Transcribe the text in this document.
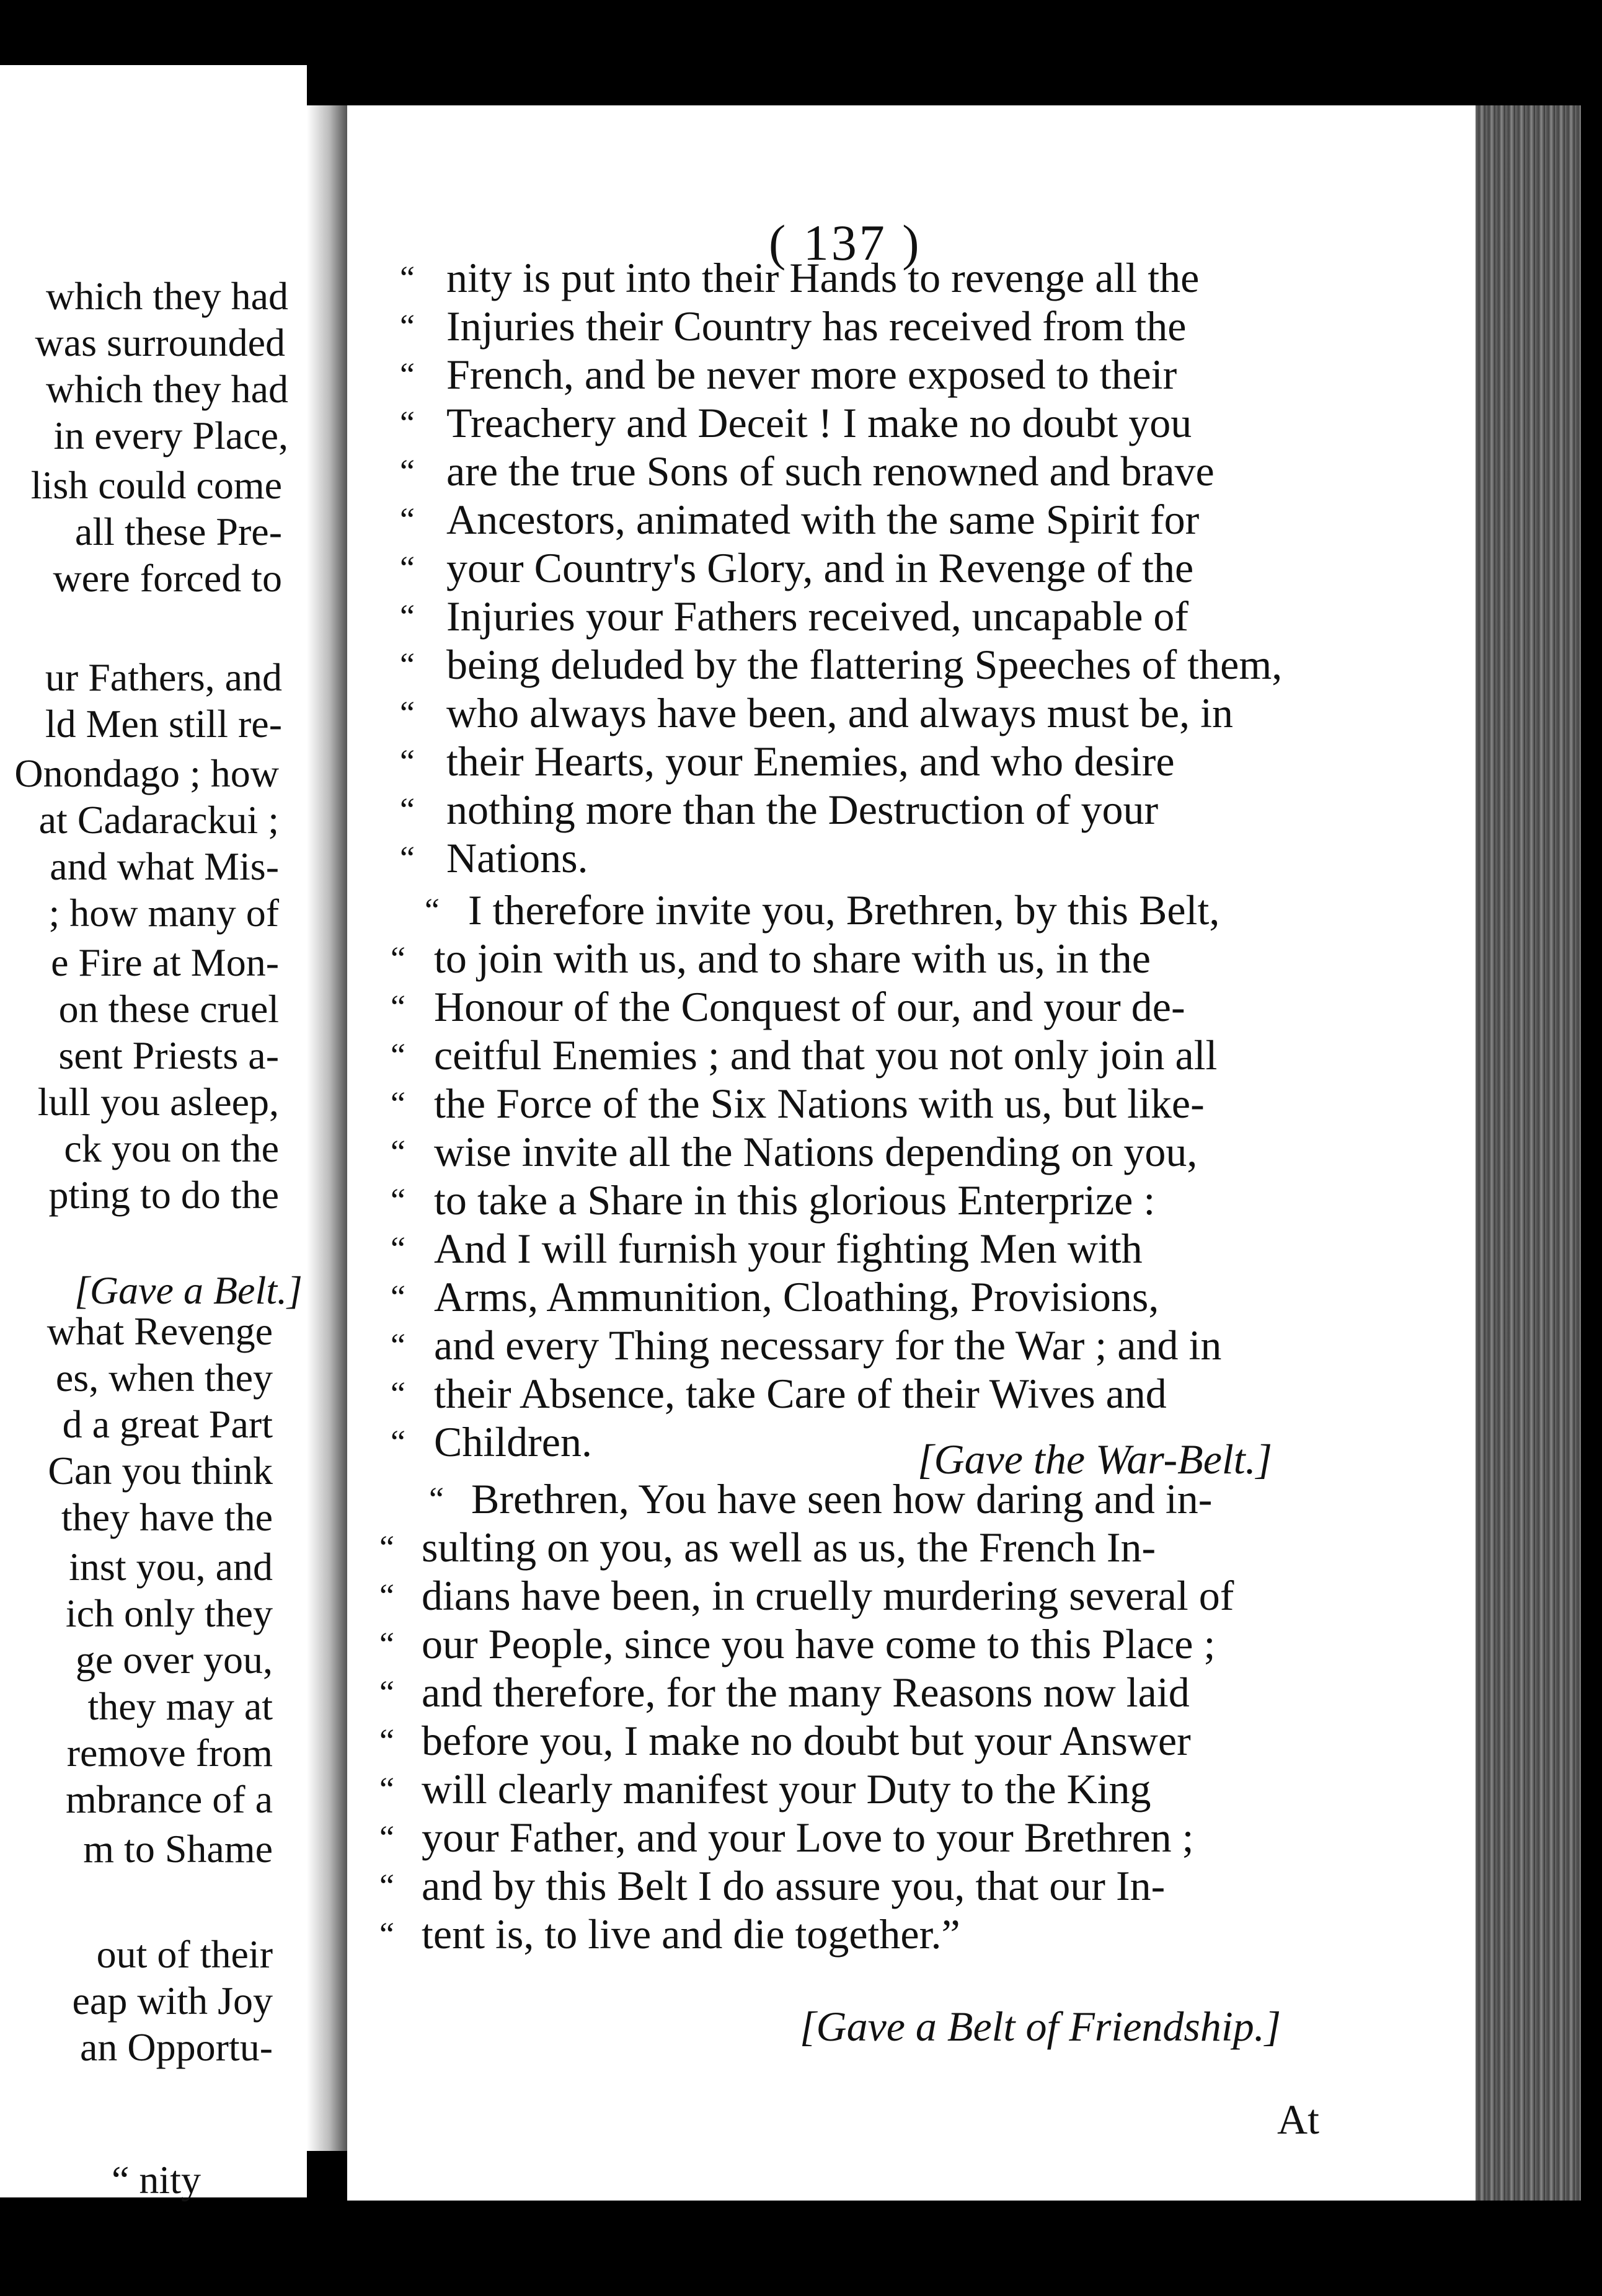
which they had
was surrounded
which they had
in every Place,
lish could come
all these Pre-
were forced to
ur Fathers, and
ld Men still re-
Onondago ; how
at Cadarackui ;
and what Mis-
; how many of
e Fire at Mon-
on these cruel
sent Priests a-
lull you asleep,
ck you on the
pting to do the
what Revenge
es, when they
d a great Part
Can you think
they have the
inst you, and
ich only they
ge over you,
they may at
remove from
mbrance of a
m to Shame
out of their
eap with Joy
an Opportu-
[Gave a Belt.]
“ nity
( 137 )
“ nity is put into their Hands to revenge all the
“ Injuries their Country has received from the
“ French, and be never more exposed to their
“ Treachery and Deceit ! I make no doubt you
“ are the true Sons of such renowned and brave
“ Ancestors, animated with the same Spirit for
“ your Country's Glory, and in Revenge of the
“ Injuries your Fathers received, uncapable of
“ being deluded by the flattering Speeches of them,
“ who always have been, and always must be, in
“ their Hearts, your Enemies, and who desire
“ nothing more than the Destruction of your
“ Nations.
“ I therefore invite you, Brethren, by this Belt,
“ to join with us, and to share with us, in the
“ Honour of the Conquest of our, and your de-
“ ceitful Enemies ; and that you not only join all
“ the Force of the Six Nations with us, but like-
“ wise invite all the Nations depending on you,
“ to take a Share in this glorious Enterprize :
“ And I will furnish your fighting Men with
“ Arms, Ammunition, Cloathing, Provisions,
“ and every Thing necessary for the War ; and in
“ their Absence, take Care of their Wives and
“ Children.
“ Brethren, You have seen how daring and in-
“ sulting on you, as well as us, the French In-
“ dians have been, in cruelly murdering several of
“ our People, since you have come to this Place ;
“ and therefore, for the many Reasons now laid
“ before you, I make no doubt but your Answer
“ will clearly manifest your Duty to the King
“ your Father, and your Love to your Brethren ;
“ and by this Belt I do assure you, that our In-
“ tent is, to live and die together.”
[Gave the War-Belt.]
[Gave a Belt of Friendship.]
At
